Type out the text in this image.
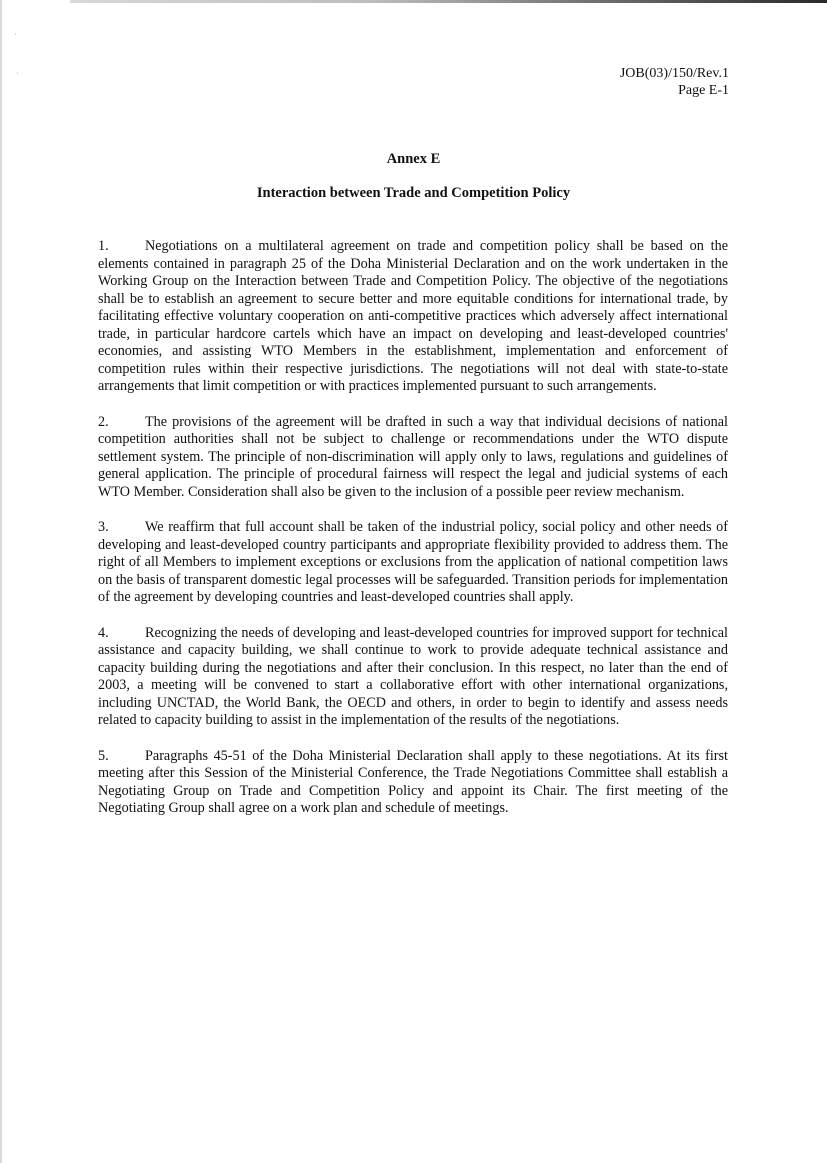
·
·	JOB(03)/150/Rev.1
Page E-1
Annex E
Interaction between Trade and Competition Policy

1.	Negotiations on a multilateral agreement on trade and competition policy shall be based on the elements contained in paragraph 25 of the Doha Ministerial Declaration and on the work undertaken in the Working Group on the Interaction between Trade and Competition Policy. The objective of the negotiations shall be to establish an agreement to secure better and more equitable conditions for international trade, by facilitating effective voluntary cooperation on anti-competitive practices which adversely affect international trade, in particular hardcore cartels which have an impact on developing and least-developed countries' economies, and assisting WTO Members in the establishment, implementation and enforcement of competition rules within their respective jurisdictions. The negotiations will not deal with state-to-state arrangements that limit competition or with practices implemented pursuant to such arrangements.

2.	The provisions of the agreement will be drafted in such a way that individual decisions of national competition authorities shall not be subject to challenge or recommendations under the WTO dispute settlement system. The principle of non-discrimination will apply only to laws, regulations and guidelines of general application. The principle of procedural fairness will respect the legal and judicial systems of each WTO Member. Consideration shall also be given to the inclusion of a possible peer review mechanism.

3.	We reaffirm that full account shall be taken of the industrial policy, social policy and other needs of developing and least-developed country participants and appropriate flexibility provided to address them. The right of all Members to implement exceptions or exclusions from the application of national competition laws on the basis of transparent domestic legal processes will be safeguarded. Transition periods for implementation of the agreement by developing countries and least-developed countries shall apply.

4.	Recognizing the needs of developing and least-developed countries for improved support for technical assistance and capacity building, we shall continue to work to provide adequate technical assistance and capacity building during the negotiations and after their conclusion. In this respect, no later than the end of 2003, a meeting will be convened to start a collaborative effort with other international organizations, including UNCTAD, the World Bank, the OECD and others, in order to begin to identify and assess needs related to capacity building to assist in the implementation of the results of the negotiations.

5.	Paragraphs 45-51 of the Doha Ministerial Declaration shall apply to these negotiations. At its first meeting after this Session of the Ministerial Conference, the Trade Negotiations Committee shall establish a Negotiating Group on Trade and Competition Policy and appoint its Chair. The first meeting of the Negotiating Group shall agree on a work plan and schedule of meetings.
